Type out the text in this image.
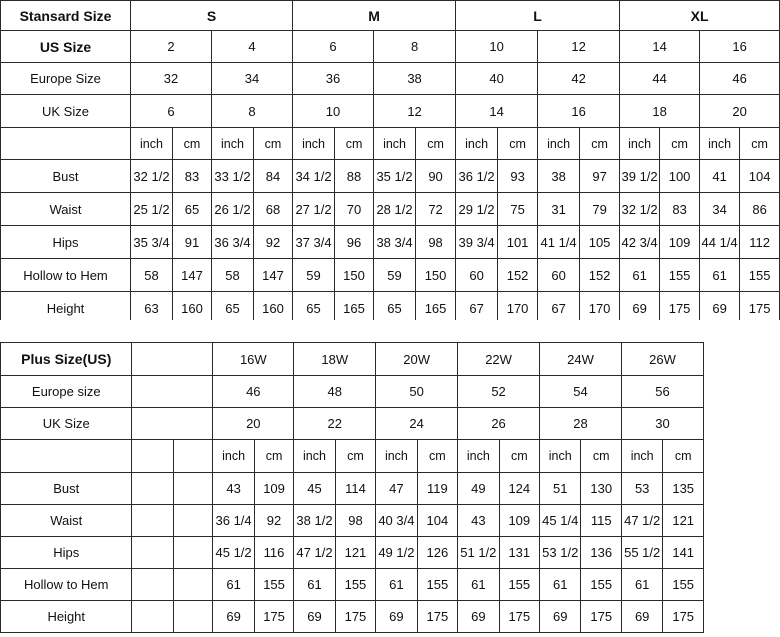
Stansard Size	S				M				L				XL			
US Size	2		4		6		8		10		12		14		16	
Europe Size	32		34		36		38		40		42		44		46	
UK Size	6		8		10		12		14		16		18		20	
	inch	cm	inch	cm	inch	cm	inch	cm	inch	cm	inch	cm	inch	cm	inch	cm
Bust	32 1/2	83	33 1/2	84	34 1/2	88	35 1/2	90	36 1/2	93	38	97	39 1/2	100	41	104
Waist	25 1/2	65	26 1/2	68	27 1/2	70	28 1/2	72	29 1/2	75	31	79	32 1/2	83	34	86
Hips	35 3/4	91	36 3/4	92	37 3/4	96	38 3/4	98	39 3/4	101	41 1/4	105	42 3/4	109	44 1/4	112
Hollow to Hem	58	147	58	147	59	150	59	150	60	152	60	152	61	155	61	155
Height	63	160	65	160	65	165	65	165	67	170	67	170	69	175	69	175
Plus Size(US)			16W		18W		20W		22W		24W		26W	
Europe size			46		48		50		52		54		56	
UK Size			20		22		24		26		28		30	
			inch	cm	inch	cm	inch	cm	inch	cm	inch	cm	inch	cm
Bust			43	109	45	114	47	119	49	124	51	130	53	135
Waist			36 1/4	92	38 1/2	98	40 3/4	104	43	109	45 1/4	115	47 1/2	121
Hips			45 1/2	116	47 1/2	121	49 1/2	126	51 1/2	131	53 1/2	136	55 1/2	141
Hollow to Hem			61	155	61	155	61	155	61	155	61	155	61	155
Height			69	175	69	175	69	175	69	175	69	175	69	175
